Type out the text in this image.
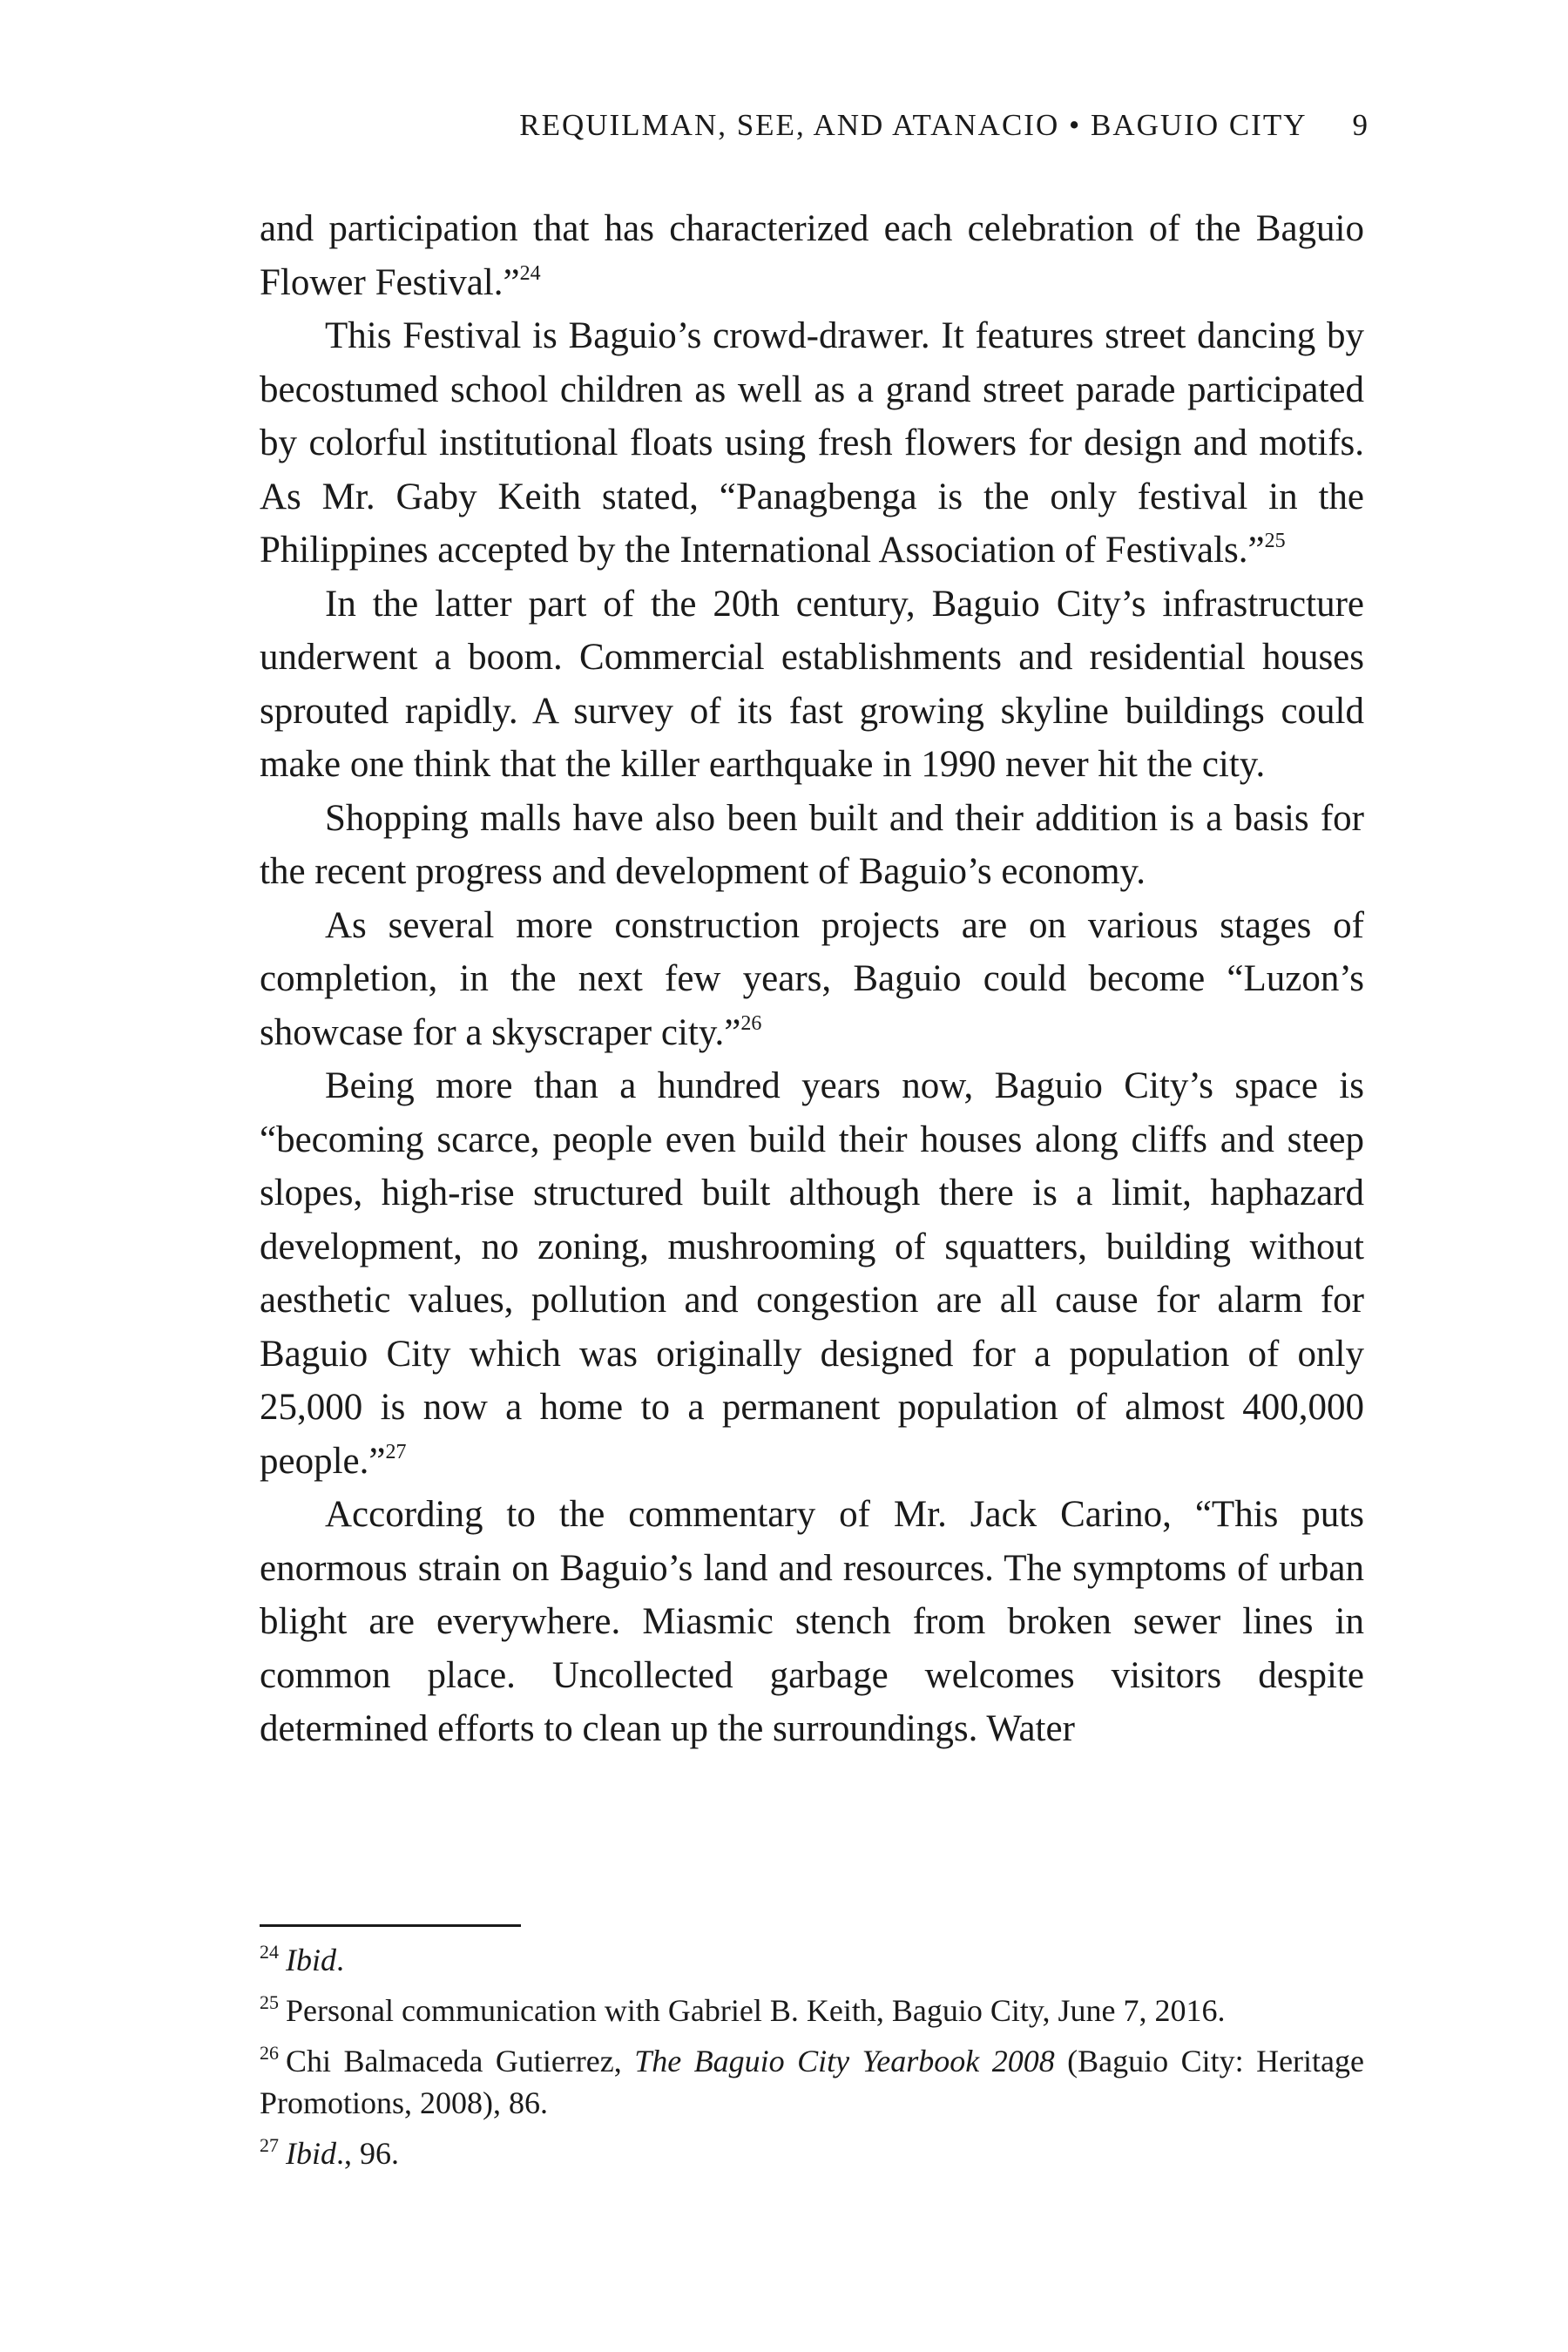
REQUILMAN, SEE, AND ATANACIO • BAGUIO CITY 9

and participation that has characterized each celebration of the Baguio Flower Festival.”$^{24}$

This Festival is Baguio’s crowd-drawer. It features street dancing by becostumed school children as well as a grand street parade participated by colorful institutional floats using fresh flowers for design and motifs. As Mr. Gaby Keith stated, “Panagbenga is the only festival in the Philippines accepted by the International Association of Festivals.”$^{25}$

In the latter part of the 20th century, Baguio City’s infrastructure underwent a boom. Commercial establishments and residential houses sprouted rapidly. A survey of its fast growing skyline buildings could make one think that the killer earthquake in 1990 never hit the city.

Shopping malls have also been built and their addition is a basis for the recent progress and development of Baguio’s economy.

As several more construction projects are on various stages of completion, in the next few years, Baguio could become “Luzon’s showcase for a skyscraper city.”$^{26}$

Being more than a hundred years now, Baguio City’s space is “becoming scarce, people even build their houses along cliffs and steep slopes, high-rise structured built although there is a limit, haphazard development, no zoning, mushrooming of squatters, building without aesthetic values, pollution and congestion are all cause for alarm for Baguio City which was originally designed for a population of only 25,000 is now a home to a permanent population of almost 400,000 people.”$^{27}$

According to the commentary of Mr. Jack Carino, “This puts enormous strain on Baguio’s land and resources. The symptoms of urban blight are everywhere. Miasmic stench from broken sewer lines in common place. Uncollected garbage welcomes visitors despite determined efforts to clean up the surroundings. Water

$^{24}$ Ibid.

$^{25}$ Personal communication with Gabriel B. Keith, Baguio City, June 7, 2016.

$^{26}$ Chi Balmaceda Gutierrez, The Baguio City Yearbook 2008 (Baguio City: Heritage Promotions, 2008), 86.

$^{27}$ Ibid., 96.
